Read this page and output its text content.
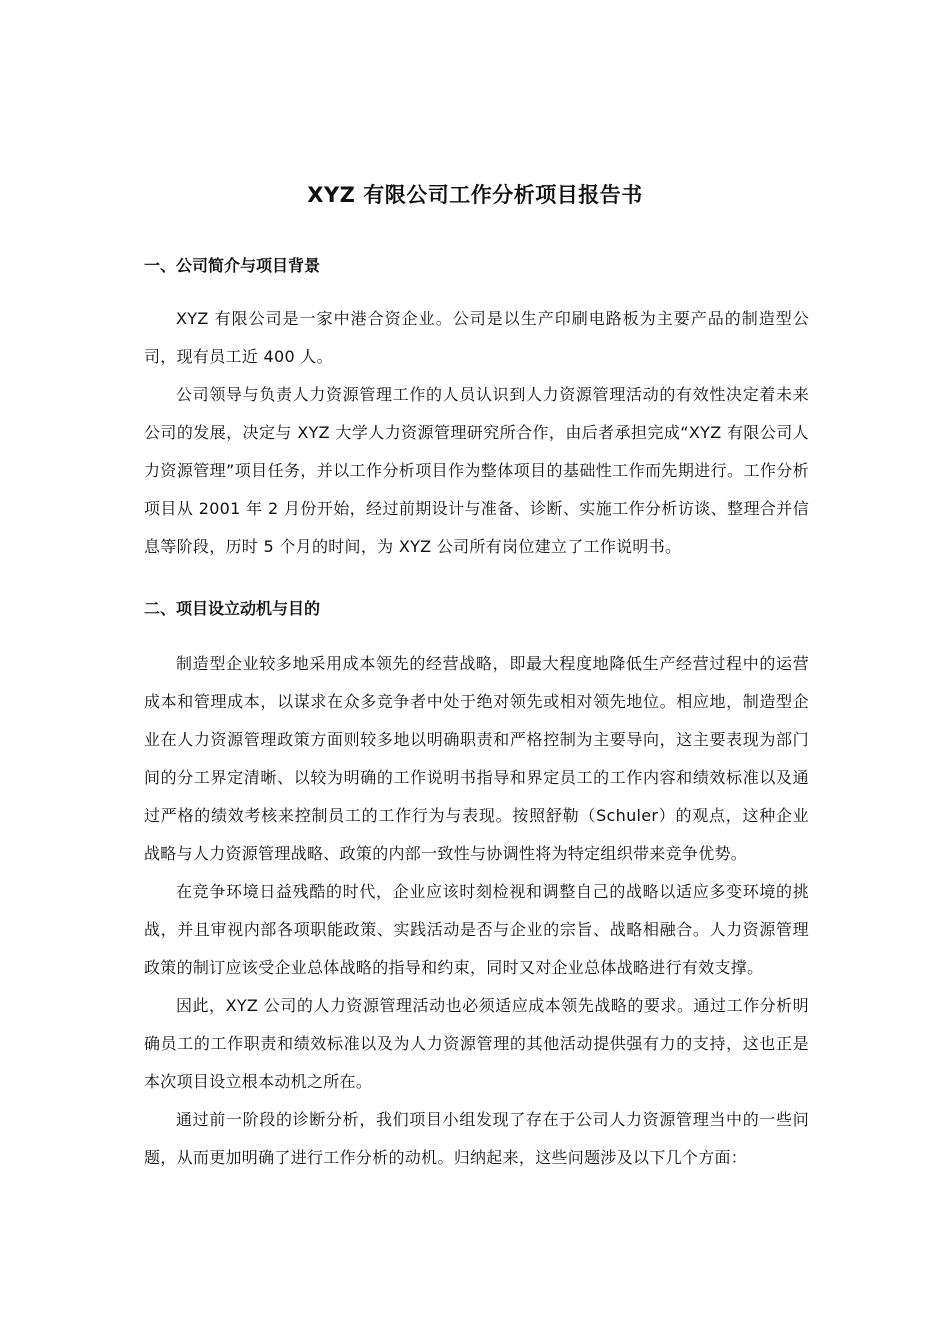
XYZ 有限公司工作分析项目报告书
一、公司简介与项目背景

XYZ 有限公司是一家中港合资企业。公司是以生产印刷电路板为主要产品的制造型公司，现有员工近 400 人。

公司领导与负责人力资源管理工作的人员认识到人力资源管理活动的有效性决定着未来公司的发展，决定与 XYZ 大学人力资源管理研究所合作，由后者承担完成“XYZ 有限公司人力资源管理”项目任务，并以工作分析项目作为整体项目的基础性工作而先期进行。工作分析项目从 2001 年 2 月份开始，经过前期设计与准备、诊断、实施工作分析访谈、整理合并信息等阶段，历时 5 个月的时间，为 XYZ 公司所有岗位建立了工作说明书。

二、项目设立动机与目的

制造型企业较多地采用成本领先的经营战略，即最大程度地降低生产经营过程中的运营成本和管理成本，以谋求在众多竞争者中处于绝对领先或相对领先地位。相应地，制造型企业在人力资源管理政策方面则较多地以明确职责和严格控制为主要导向，这主要表现为部门间的分工界定清晰、以较为明确的工作说明书指导和界定员工的工作内容和绩效标准以及通过严格的绩效考核来控制员工的工作行为与表现。按照舒勒（Schuler）的观点，这种企业战略与人力资源管理战略、政策的内部一致性与协调性将为特定组织带来竞争优势。

在竞争环境日益残酷的时代，企业应该时刻检视和调整自己的战略以适应多变环境的挑战，并且审视内部各项职能政策、实践活动是否与企业的宗旨、战略相融合。人力资源管理政策的制订应该受企业总体战略的指导和约束，同时又对企业总体战略进行有效支撑。

因此，XYZ 公司的人力资源管理活动也必须适应成本领先战略的要求。通过工作分析明确员工的工作职责和绩效标准以及为人力资源管理的其他活动提供强有力的支持，这也正是本次项目设立根本动机之所在。

通过前一阶段的诊断分析，我们项目小组发现了存在于公司人力资源管理当中的一些问题，从而更加明确了进行工作分析的动机。归纳起来，这些问题涉及以下几个方面：
